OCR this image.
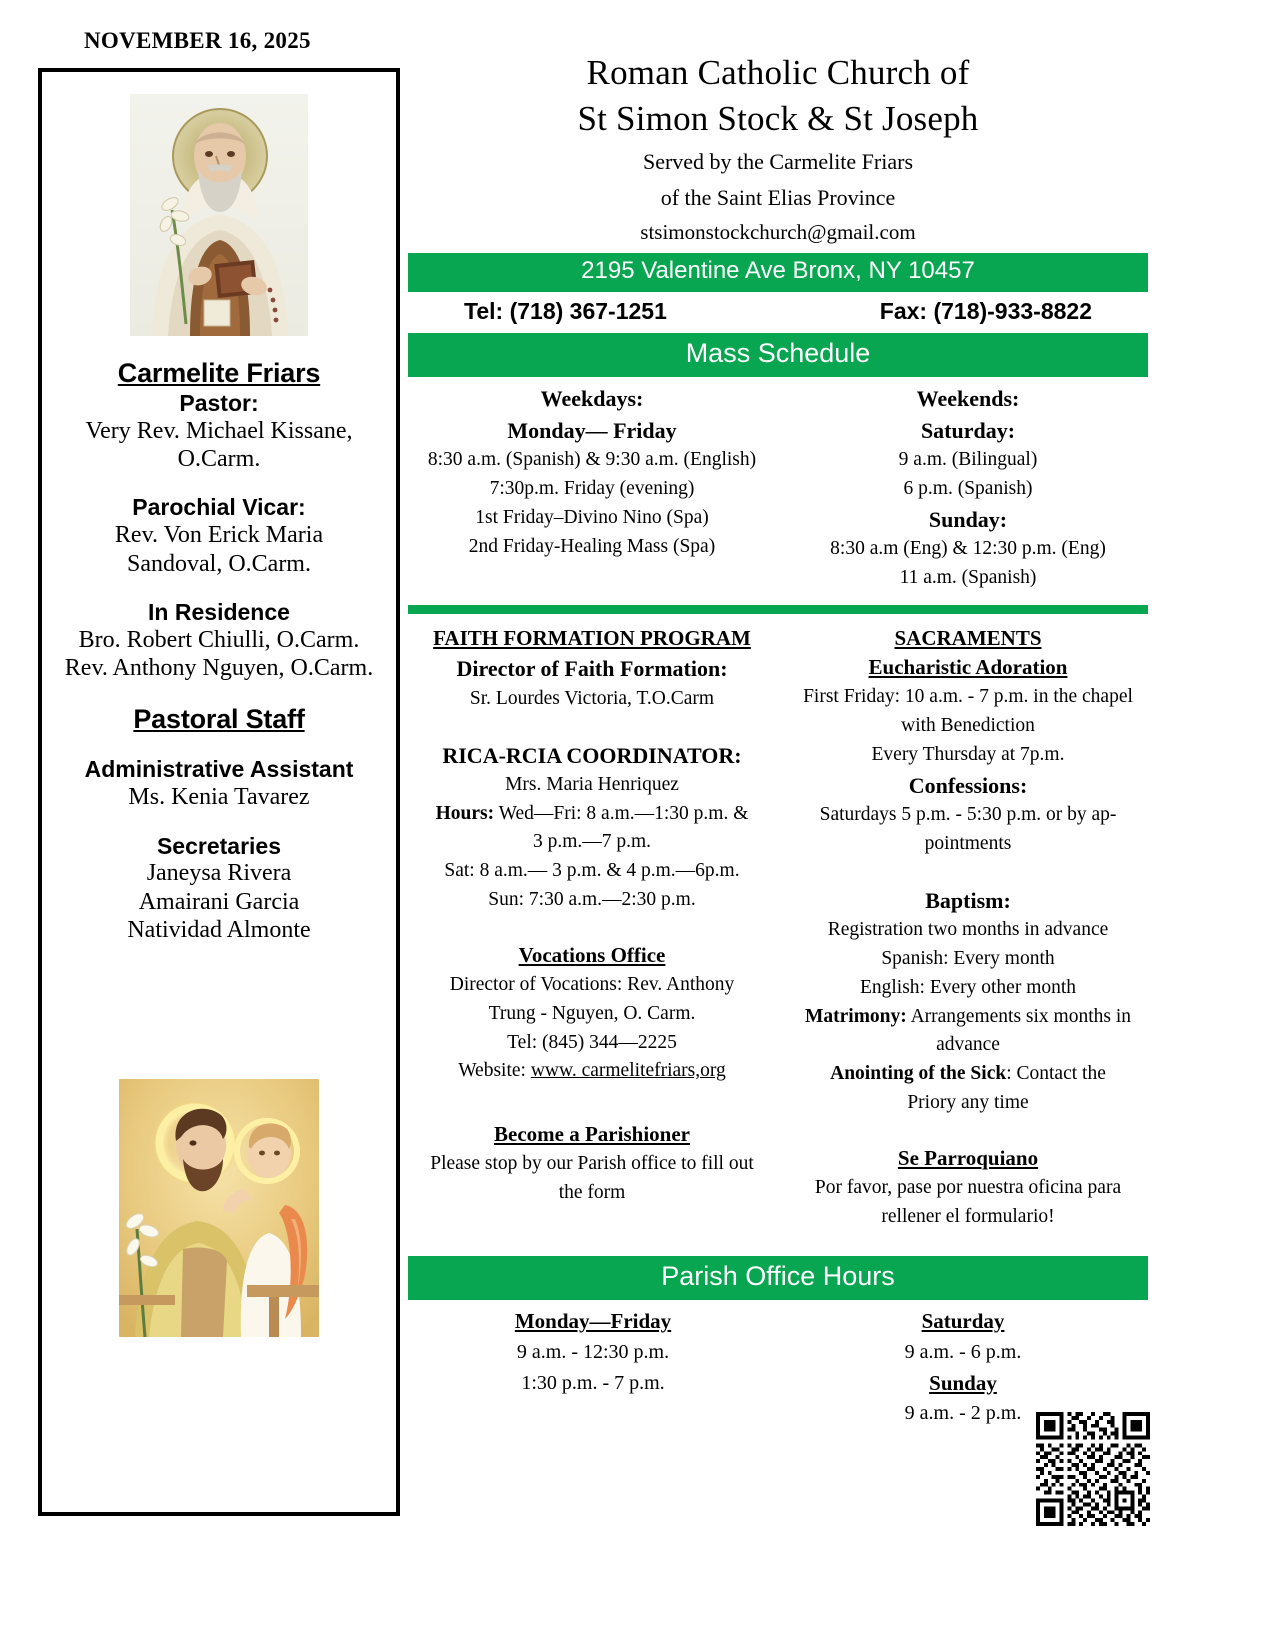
NOVEMBER 16, 2025
Carmelite Friars
Pastor:
Very Rev. Michael Kissane,
O.Carm.
Parochial Vicar:
Rev. Von Erick Maria
Sandoval, O.Carm.
In Residence
Bro. Robert Chiulli, O.Carm.
Rev. Anthony Nguyen, O.Carm.
Pastoral Staff
Administrative Assistant
Ms. Kenia Tavarez
Secretaries
Janeysa Rivera
Amairani Garcia
Natividad Almonte
Roman Catholic Church of
St Simon Stock & St Joseph
Served by the Carmelite Friars
of the Saint Elias Province
stsimonstockchurch@gmail.com
2195 Valentine Ave Bronx, NY 10457
Tel: (718) 367-1251	Fax: (718)-933-8822
Mass Schedule
Weekdays:
Monday— Friday
8:30 a.m. (Spanish) & 9:30 a.m. (English)
7:30p.m. Friday (evening)
1st Friday–Divino Nino (Spa)
2nd Friday-Healing Mass (Spa)
Weekends:
Saturday:
9 a.m. (Bilingual)
6 p.m. (Spanish)
Sunday:
8:30 a.m (Eng) & 12:30 p.m. (Eng)
11 a.m. (Spanish)
FAITH FORMATION PROGRAM
Director of Faith Formation:
Sr. Lourdes Victoria, T.O.Carm
RICA-RCIA COORDINATOR:
Mrs. Maria Henriquez
Hours: Wed—Fri: 8 a.m.—1:30 p.m. &
3 p.m.—7 p.m.
Sat: 8 a.m.— 3 p.m. & 4 p.m.—6p.m.
Sun: 7:30 a.m.—2:30 p.m.
Vocations Office
Director of Vocations: Rev. Anthony
Trung - Nguyen, O. Carm.
Tel: (845) 344—2225
Website: www. carmelitefriars,org
Become a Parishioner
Please stop by our Parish office to fill out
the form
SACRAMENTS
Eucharistic Adoration
First Friday: 10 a.m. - 7 p.m. in the chapel
with Benediction
Every Thursday at 7p.m.
Confessions:
Saturdays 5 p.m. - 5:30 p.m. or by ap-
pointments
Baptism:
Registration two months in advance
Spanish: Every month
English: Every other month
Matrimony: Arrangements six months in
advance
Anointing of the Sick: Contact the
Priory any time
Se Parroquiano
Por favor, pase por nuestra oficina para
rellener el formulario!
Parish Office Hours
Monday—Friday
9 a.m. - 12:30 p.m.
1:30 p.m. - 7 p.m.
Saturday
9 a.m. - 6 p.m.
Sunday
9 a.m. - 2 p.m.
